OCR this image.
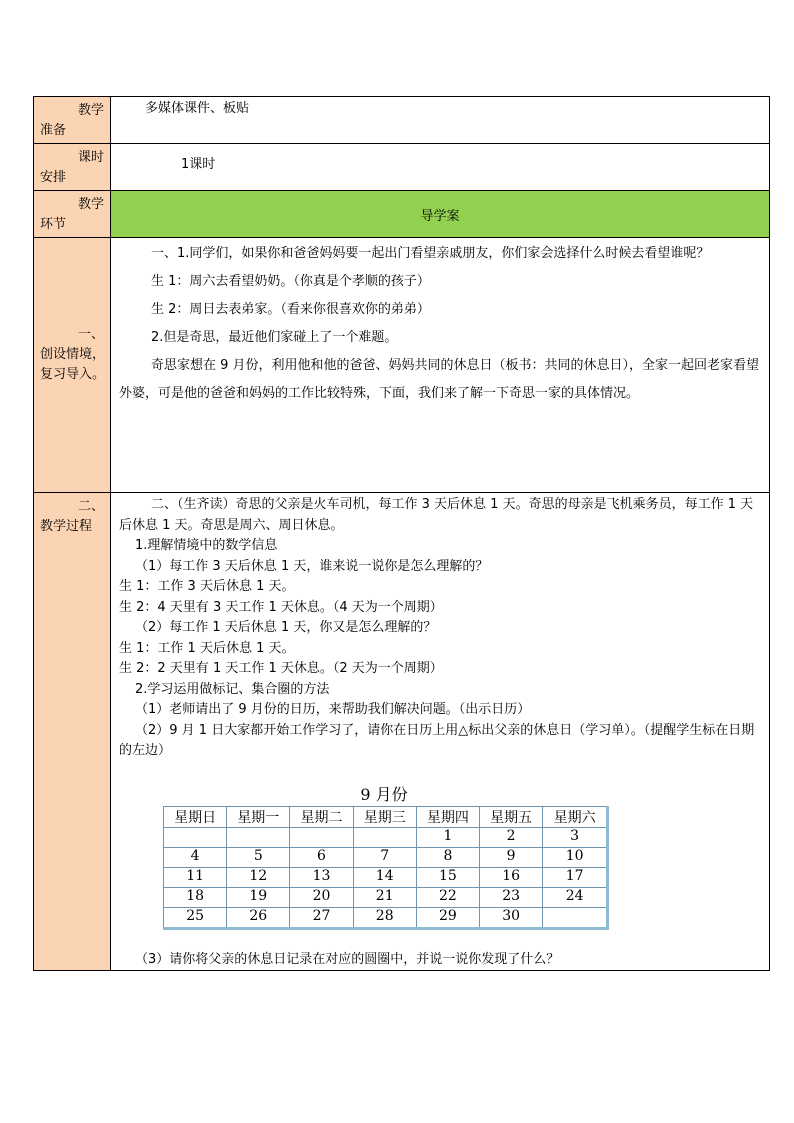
教学
准备
	多媒体课件、板贴

课时
安排
	1课时

教学
环节
	导学案

一、
创设情境，复习导入。

一、1.同学们，如果你和爸爸妈妈要一起出门看望亲戚朋友，你们家会选择什么时候去看望谁呢？

生 1：周六去看望奶奶。（你真是个孝顺的孩子）

生 2：周日去表弟家。（看来你很喜欢你的弟弟）

2.但是奇思，最近他们家碰上了一个难题。

奇思家想在 9 月份，利用他和他的爸爸、妈妈共同的休息日（板书：共同的休息日），全家一起回老家看望外婆，可是他的爸爸和妈妈的工作比较特殊，下面，我们来了解一下奇思一家的具体情况。

二、
教学过程

二、（生齐读）奇思的父亲是火车司机，每工作 3 天后休息 1 天。奇思的母亲是飞机乘务员，每工作 1 天后休息 1 天。奇思是周六、周日休息。

1.理解情境中的数学信息

（1）每工作 3 天后休息 1 天，谁来说一说你是怎么理解的？

生 1：工作 3 天后休息 1 天。

生 2：4 天里有 3 天工作 1 天休息。（4 天为一个周期）

（2）每工作 1 天后休息 1 天，你又是怎么理解的？

生 1：工作 1 天后休息 1 天。

生 2：2 天里有 1 天工作 1 天休息。（2 天为一个周期）

2.学习运用做标记、集合圈的方法

（1）老师请出了 9 月份的日历，来帮助我们解决问题。（出示日历）

（2）9 月 1 日大家都开始工作学习了，请你在日历上用△标出父亲的休息日（学习单）。（提醒学生标在日期的左边）

9 月份
星期日	星期一	星期二	星期三	星期四	星期五	星期六
				1	2	3
4	5	6	7	8	9	10
11	12	13	14	15	16	17
18	19	20	21	22	23	24
25	26	27	28	29	30	

（3）请你将父亲的休息日记录在对应的圆圈中，并说一说你发现了什么？
